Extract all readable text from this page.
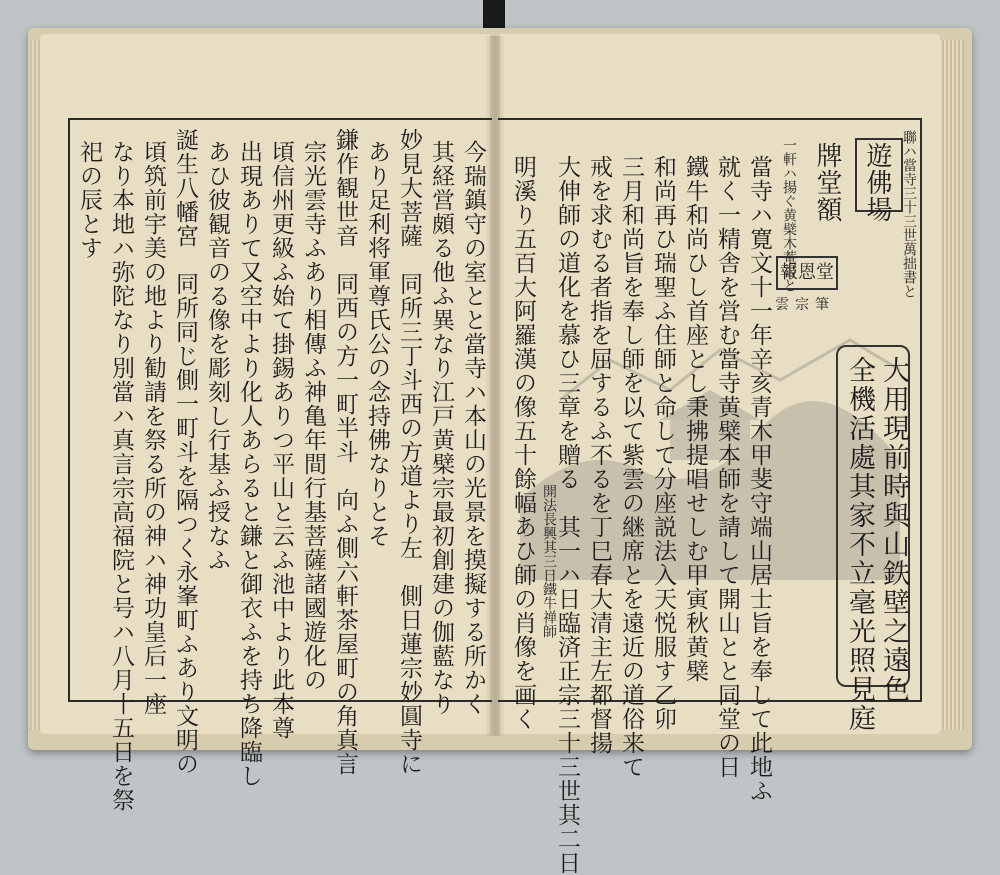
今瑞鎮守の室とと當寺ハ本山の光景を摸擬する所かく
其経営頗る他ふ異なり江戸黄檗宗最初創建の伽藍なり
妙見大菩薩　同所三丁斗西の方道より左　側日蓮宗妙圓寺に
あり足利将軍尊氏公の念持佛なりとそ
鎌作観世音　同西の方一町半斗　向ふ側六軒茶屋町の角真言
宗光雲寺ふあり相傳ふ神亀年間行基菩薩諸國遊化の
頃信州更級ふ始て掛錫ありつ平山と云ふ池中より此本尊
出現ありて又空中より化人あらると鎌と御衣ふを持ち降臨し
あひ彼観音のる像を彫刻し行基ふ授なふ
誕生八幡宮　同所同じ側一町斗を隔つく永峯町ふあり文明の
頃筑前宇美の地より勧請を祭る所の神ハ神功皇后一座
なり本地ハ弥陀なり別當ハ真言宗高福院と号ハ八月十五日を祭
祀の辰とす	遊佛場
牌堂額	聯ハ當寺三十三世萬拙書と
一軒ハ揚ぐ黄檗木菴書と
報恩堂
雲宗筆
當寺ハ寛文十一年辛亥青木甲斐守端山居士旨を奉して此地ふ
就く一精舎を営む當寺黄檗本師を請して開山とと同堂の日
鐵牛和尚ひし首座とし秉拂提唱せしむ甲寅秋黄檗
和尚再ひ瑞聖ふ住師と命して分座説法入天悦服す乙卯
三月和尚旨を奉し師を以て紫雲の継席とを遠近の道俗来て
戒を求むる者指を屈するふ不るを丁巳春大清主左都督揚
大伸師の道化を慕ひ三章を贈る　其一ハ日臨済正宗三十三世其二日
　開法長興其三日鐵牛禅師
明溪り五百大阿羅漢の像五十餘幅あひ師の肖像を画く	大用現前時與山鉄壁之遠色
全機活處其家不立毫光照見庭
